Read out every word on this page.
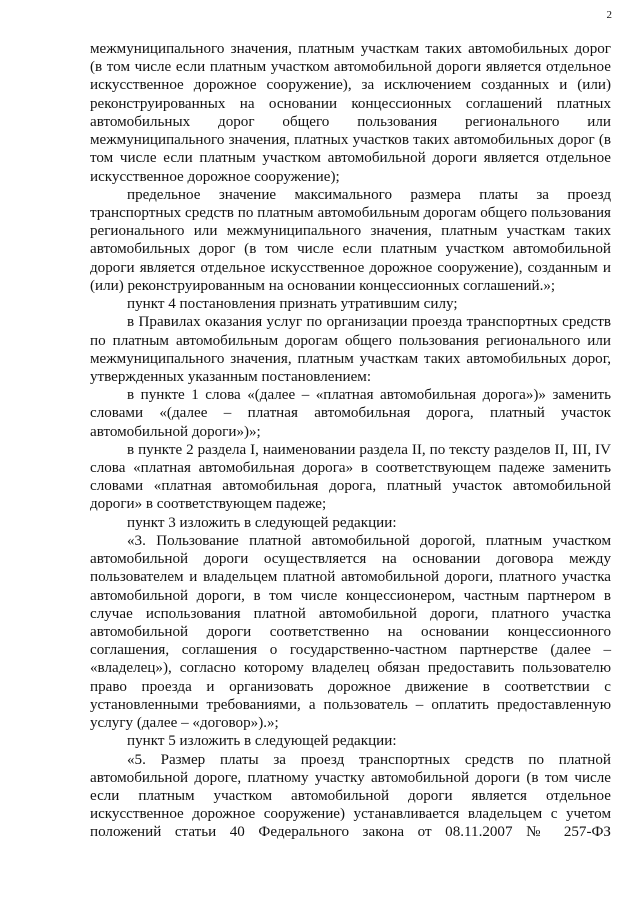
2

межмуниципального значения, платным участкам таких автомобильных дорог (в том числе если платным участком автомобильной дороги является отдельное искусственное дорожное сооружение), за исключением созданных и (или) реконструированных на основании концессионных соглашений платных автомобильных дорог общего пользования регионального или межмуниципального значения, платных участков таких автомобильных дорог (в том числе если платным участком автомобильной дороги является отдельное искусственное дорожное сооружение);

предельное значение максимального размера платы за проезд транспортных средств по платным автомобильным дорогам общего пользования регионального или межмуниципального значения, платным участкам таких автомобильных дорог (в том числе если платным участком автомобильной дороги является отдельное искусственное дорожное сооружение), созданным и (или) реконструированным на основании концессионных соглашений.»;

пункт 4 постановления признать утратившим силу;

в Правилах оказания услуг по организации проезда транспортных средств по платным автомобильным дорогам общего пользования регионального или межмуниципального значения, платным участкам таких автомобильных дорог, утвержденных указанным постановлением:

в пункте 1 слова «(далее – «платная автомобильная дорога»)» заменить словами «(далее – платная автомобильная дорога, платный участок автомобильной дороги»)»;

в пункте 2 раздела I, наименовании раздела II, по тексту разделов II, III, IV слова «платная автомобильная дорога» в соответствующем падеже заменить словами «платная автомобильная дорога, платный участок автомобильной дороги» в соответствующем падеже;

пункт 3 изложить в следующей редакции:

«3. Пользование платной автомобильной дорогой, платным участком автомобильной дороги осуществляется на основании договора между пользователем и владельцем платной автомобильной дороги, платного участка автомобильной дороги, в том числе концессионером, частным партнером в случае использования платной автомобильной дороги, платного участка автомобильной дороги соответственно на основании концессионного соглашения, соглашения о государственно-частном партнерстве (далее – «владелец»), согласно которому владелец обязан предоставить пользователю право проезда и организовать дорожное движение в соответствии с установленными требованиями, а пользователь – оплатить предоставленную услугу (далее – «договор»).»;

пункт 5 изложить в следующей редакции:

«5. Размер платы за проезд транспортных средств по платной автомобильной дороге, платному участку автомобильной дороги (в том числе если платным участком автомобильной дороги является отдельное искусственное дорожное сооружение) устанавливается владельцем с учетом положений статьи 40 Федерального закона от 08.11.2007 № 257-ФЗ
